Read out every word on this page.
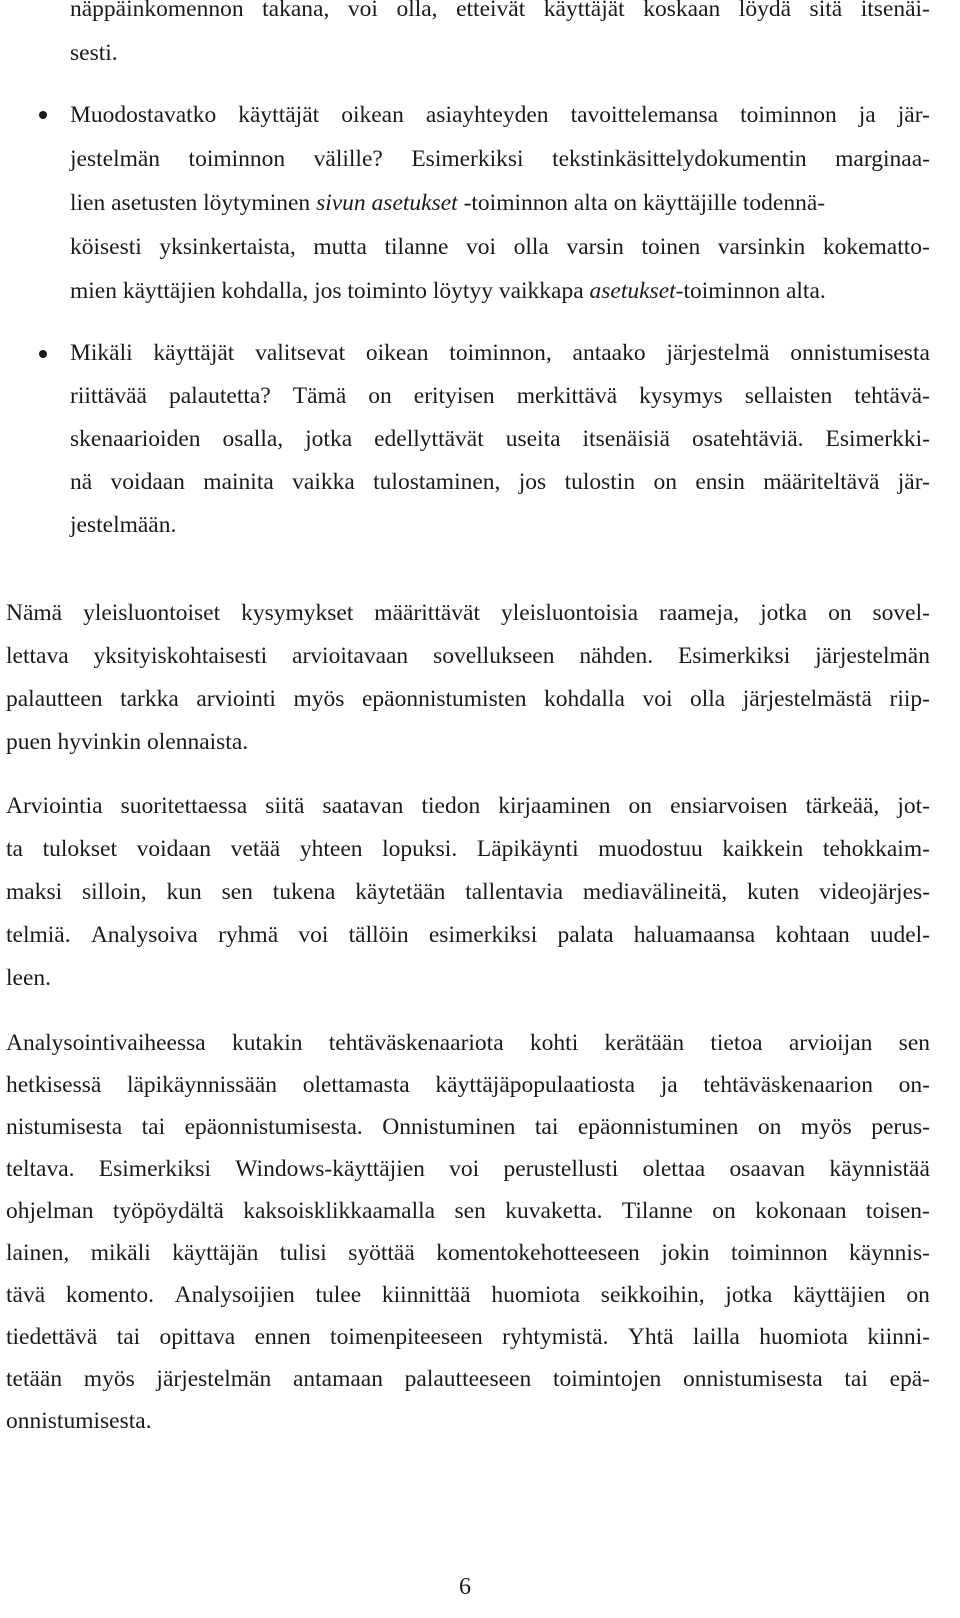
näppäinkomennon takana, voi olla, etteivät käyttäjät koskaan löydä sitä itsenäi-
sesti.
Muodostavatko käyttäjät oikean asiayhteyden tavoittelemansa toiminnon ja jär-
jestelmän toiminnon välille? Esimerkiksi tekstinkäsittelydokumentin marginaa-
lien asetusten löytyminen sivun asetukset -toiminnon alta on käyttäjille todennä-
köisesti yksinkertaista, mutta tilanne voi olla varsin toinen varsinkin kokematto-
mien käyttäjien kohdalla, jos toiminto löytyy vaikkapa asetukset-toiminnon alta.
Mikäli käyttäjät valitsevat oikean toiminnon, antaako järjestelmä onnistumisesta
riittävää palautetta? Tämä on erityisen merkittävä kysymys sellaisten tehtävä-
skenaarioiden osalla, jotka edellyttävät useita itsenäisiä osatehtäviä. Esimerkki-
nä voidaan mainita vaikka tulostaminen, jos tulostin on ensin määriteltävä jär-
jestelmään.
Nämä yleisluontoiset kysymykset määrittävät yleisluontoisia raameja, jotka on sovel-
lettava yksityiskohtaisesti arvioitavaan sovellukseen nähden. Esimerkiksi järjestelmän
palautteen tarkka arviointi myös epäonnistumisten kohdalla voi olla järjestelmästä riip-
puen hyvinkin olennaista.
Arviointia suoritettaessa siitä saatavan tiedon kirjaaminen on ensiarvoisen tärkeää, jot-
ta tulokset voidaan vetää yhteen lopuksi. Läpikäynti muodostuu kaikkein tehokkaim-
maksi silloin, kun sen tukena käytetään tallentavia mediavälineitä, kuten videojärjes-
telmiä. Analysoiva ryhmä voi tällöin esimerkiksi palata haluamaansa kohtaan uudel-
leen.
Analysointivaiheessa kutakin tehtäväskenaariota kohti kerätään tietoa arvioijan sen
hetkisessä läpikäynnissään olettamasta käyttäjäpopulaatiosta ja tehtäväskenaarion on-
nistumisesta tai epäonnistumisesta. Onnistuminen tai epäonnistuminen on myös perus-
teltava. Esimerkiksi Windows-käyttäjien voi perustellusti olettaa osaavan käynnistää
ohjelman työpöydältä kaksoisklikkaamalla sen kuvaketta. Tilanne on kokonaan toisen-
lainen, mikäli käyttäjän tulisi syöttää komentokehotteeseen jokin toiminnon käynnis-
tävä komento. Analysoijien tulee kiinnittää huomiota seikkoihin, jotka käyttäjien on
tiedettävä tai opittava ennen toimenpiteeseen ryhtymistä. Yhtä lailla huomiota kiinni-
tetään myös järjestelmän antamaan palautteeseen toimintojen onnistumisesta tai epä-
onnistumisesta.
6
